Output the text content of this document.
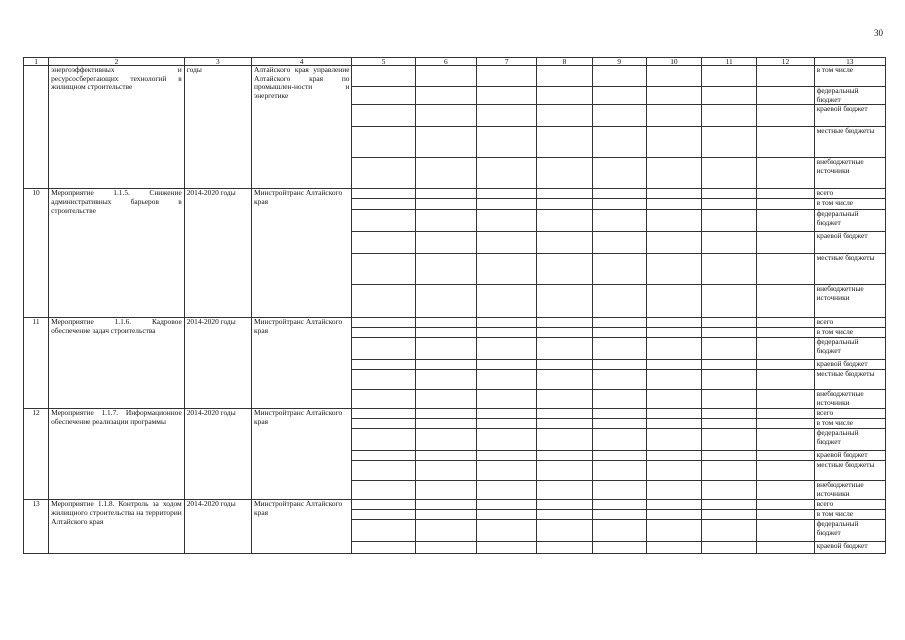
30
1	2	3	4	5	6	7	8	9	10	11	12	13
	энергоэффективных и ресурсосберегающих технологий в жилищном строительстве	годы	Алтайского края управление Алтайского края по промышлен-ности и энергетике									в том числе
												федеральный бюджет
												краевой бюджет
												местные бюджеты
												внебюджетные источники
10	Мероприятие 1.1.5. Снижение административных барьеров в строительстве	2014-2020 годы	Минстройтранс Алтайского края									всего
												в том числе
												федеральный бюджет
												краевой бюджет
												местные бюджеты
												внебюджетные источники
11	Мероприятие 1.1.6. Кадровое обеспечение задач строительства	2014-2020 годы	Минстройтранс Алтайского края									всего
												в том числе
												федеральный бюджет
												краевой бюджет
												местные бюджеты
												внебюджетные источники
12	Мероприятие 1.1.7. Информационное обеспечение реализации программы	2014-2020 годы	Минстройтранс Алтайского края									всего
												в том числе
												федеральный бюджет
												краевой бюджет
												местные бюджеты
												внебюджетные источники
13	Мероприятие 1.1.8. Контроль за ходом жилищного строительства на территории Алтайского края	2014-2020 годы	Минстройтранс Алтайского края									всего
												в том числе
												федеральный бюджет
												краевой бюджет
